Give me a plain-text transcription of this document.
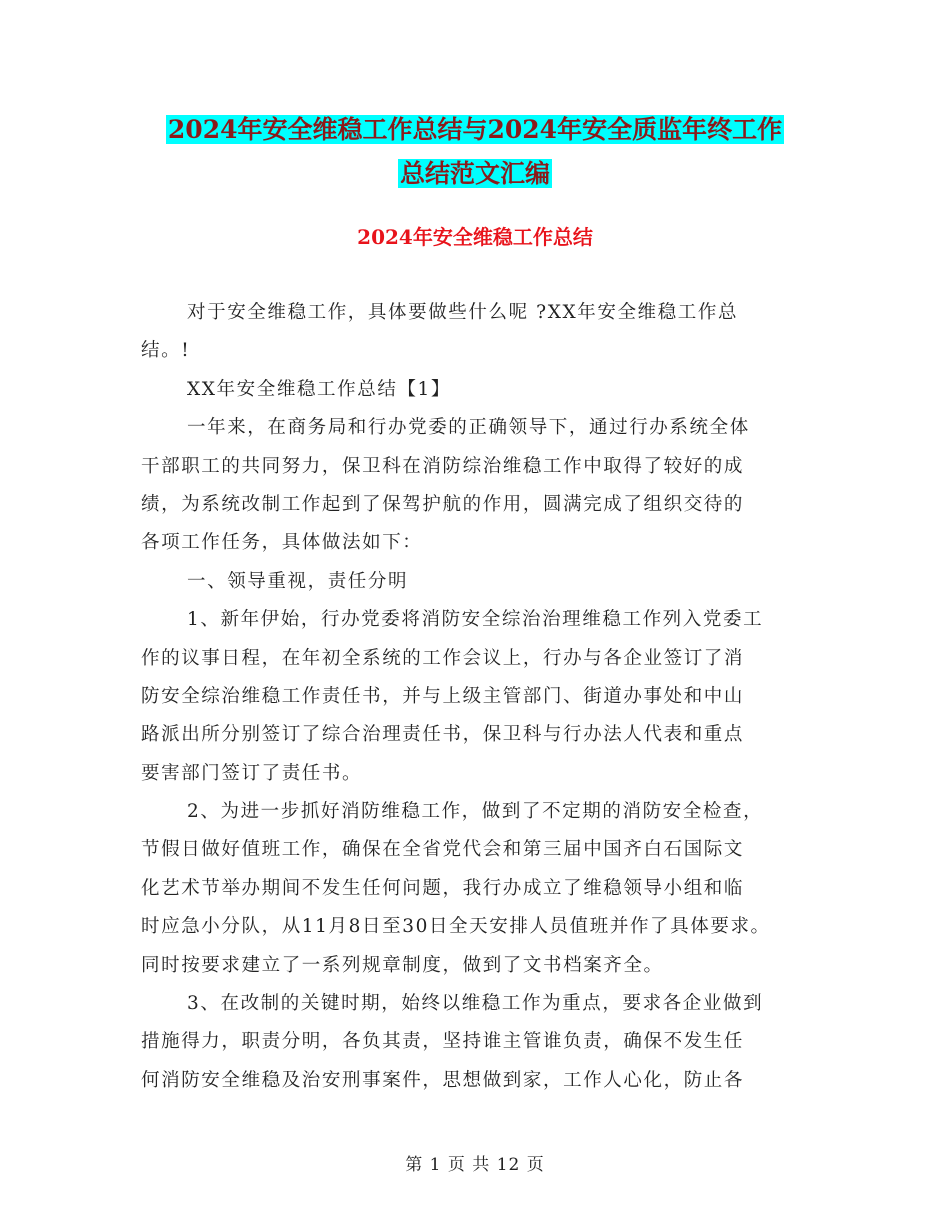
2024年安全维稳工作总结与2024年安全质监年终工作
总结范文汇编
2024年安全维稳工作总结
对于安全维稳工作，具体要做些什么呢 ?XX年安全维稳工作总
结。!
XX年安全维稳工作总结【1】
一年来，在商务局和行办党委的正确领导下，通过行办系统全体
干部职工的共同努力，保卫科在消防综治维稳工作中取得了较好的成
绩，为系统改制工作起到了保驾护航的作用，圆满完成了组织交待的
各项工作任务，具体做法如下：
一、领导重视，责任分明
1、新年伊始，行办党委将消防安全综治治理维稳工作列入党委工
作的议事日程，在年初全系统的工作会议上，行办与各企业签订了消
防安全综治维稳工作责任书，并与上级主管部门、街道办事处和中山
路派出所分别签订了综合治理责任书，保卫科与行办法人代表和重点
要害部门签订了责任书。
2、为进一步抓好消防维稳工作，做到了不定期的消防安全检查，
节假日做好值班工作，确保在全省党代会和第三届中国齐白石国际文
化艺术节举办期间不发生任何问题，我行办成立了维稳领导小组和临
时应急小分队，从11月8日至30日全天安排人员值班并作了具体要求。
同时按要求建立了一系列规章制度，做到了文书档案齐全。
3、在改制的关键时期，始终以维稳工作为重点，要求各企业做到
措施得力，职责分明，各负其责，坚持谁主管谁负责，确保不发生任
何消防安全维稳及治安刑事案件，思想做到家，工作人心化，防止各
第 1 页 共 12 页
